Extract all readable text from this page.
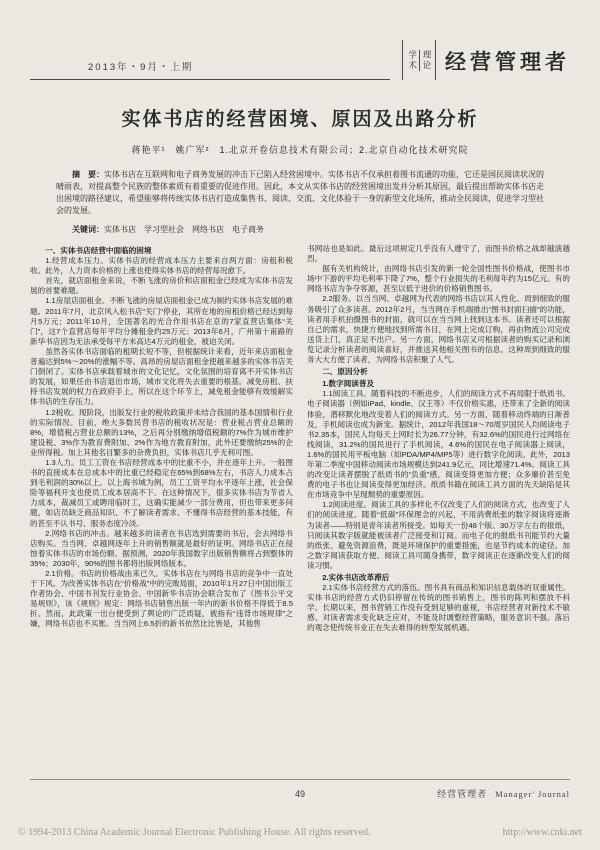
2013年・9月・上期	学术 理论 经营管理者
实体书店的经营困境、原因及出路分析
蒋艳平¹　姚广军²　1.北京开卷信息技术有限公司；2.北京自动化技术研究院
摘　要：实体书店在互联网和电子商务发展的冲击下已陷入经营困境中。实体书店不仅承担着图书流通的功能，它还是国民阅读状况的晴雨表，对提高整个民族的整体素质有着重要的促进作用。因此，本文从实体书店的经营困境出发并分析其原因，最后提出帮助实体书店走出困境的路径建议，希望能够将传统实体书店打造成集售书、阅读、交流、文化体验于一身的新型文化场所，推动全民阅读，促进学习型社会的发展。
关键词：实体书店　学习型社会　网络书店　电子商务

一、实体书店经营中面临的困境

1.经营成本压力。实体书店的经营成本压力主要来自两方面：房租和税收。此外，人力资本价格的上涨也使得实体书店的经营每况愈下。

首先，就店面租金来说，不断飞涨的房价和店面租金已经成为实体书店发展的首要难题。

1.1房屋店面租金。不断飞涨的房屋店面租金已成为制约实体书店发展的难题。2011年7月，北京风入松书店“关门”停业，其所在地的房租价格已经达到每月5万元；2011年10月，全国著名的光合作用书店在京的7家直营店集体“关门”，这7个直营店每年平均分摊租金约25万元；2013年6月，广州第十甫路的新华书店因为无法承受每平方米高达4万元的租金，被迫关闭。

虽然各实体书店面临的租期长短不等，但根据统计来看，近年来店面租金普遍达到5%～20%的涨幅不等。高昂的房屋店面租金使越来越多的实体书店关门倒闭了。实体书店承载着城市的文化记忆，文化氛围的培育离不开实体书店的发展，如果任由书店退出市场，城市文化将失去重要的根基。减免房租、扶持书店发展的权力在政府手上，所以在这个环节上，减免租金能够有效缓解实体书店的生存压力。

1.2税收。现阶段，出版发行业的税收政策并未结合我国的基本国情和行业的实际情况。目前，绝大多数民营书店的税收状况是：营业税占营业总额的8%，增值税占营业总额的13%，之后再分别缴纳增值税额的7%作为城市维护建设税、3%作为教育费附加、2%作为地方教育附加，此外还要缴纳25%的企业所得税。加上其他名目繁多的杂费负担，实体书店几乎无利可图。

1.3人力。员工工资在书店经营成本中的比重不小，并在逐年上升。一般图书的直接成本在总成本中的比重已经稳定在65%到68%左右，书店人力成本占到毛利润的30%以上。以上海书城为例，员工工资平均水平逐年上涨，社会保险等福利开支也使员工成本居高不下。在这种情况下，很多实体书店为节省人力成本，裁减员工或聘用临时工，这确实能减少一部分费用，但也带来更多问题，如店员缺乏商品知识、不了解读者需求、不懂得书店经营的基本技能，有的甚至不认书号、服务态度冷淡。

2.网络书店的冲击。越来越多的读者在书店选到需要的书后，会去网络书店购买。当当网、卓越网逐年上升的销售额就是最好的证明。网络书店正在侵蚀着实体书店的市场份额。据预测，2020年我国数字出版销售额将占到整体的35%；2030年，90%的图书都将出版网络版本。

2.1价格。书店的价格战由来已久。实体书店在与网络书店的竞争中一直处于下风。为改善实体书店在“价格战”中的完败局面，2010年1月27日中国出版工作者协会、中国书刊发行业协会、中国新华书店协会联合发布了《图书公平交易规则》，该《规则》规定：网络书店销售出版一年内的新书价格不得低于8.5折。然而，此政策一出台便受到了舆论的广泛质疑，被指有“违背市场规律”之嫌，网络书店也不买账。当当网上6.5折的新书依然比比皆是，其他售

书网站也是如此。最后这项规定几乎没有人遵守了，而图书价格之战却越演越烈。

据有关机构统计，由网络书店引发的新一轮全国性图书价格战，使图书市场中下游的平均毛利率下降了7%，整个行业损失的毛利每年约为15亿元。有的网络书店为争夺客源，甚至以低于进价的价格销售图书。

2.2服务。以当当网、卓越网为代表的网络书店以其人性化、周到细致的服务吸引了众多读者。2012年2月，当当网在手机端推出“图书封面扫描”的功能，读者用手机拍摄图书的封面，就可以在当当网上找到这本书。读者还可以根据自己的需求，快捷方便地找到所需书目，在网上完成订购，再由物流公司完成送货上门，真正足不出户。另一方面，网络书店又可根据读者的购买记录和浏览记录分析读者的阅读喜好，并推送其他相关图书的信息。这种周到细致的服务大大方便了读者，为网络书店积聚了人气。

二、原因分析

1.数字阅读普及

1.1阅读工具。随着科技的不断进步，人们的阅读方式不再局限于纸质书。电子阅读器（例如iPad、kindle、汉王等）不仅价格实惠，还带来了全新的阅读体验，潜移默化地改变着人们的阅读方式。另一方面，随着移动终端的日渐普及，手机阅读也成为新宠。据统计，2012年我国18～70周岁国民人均阅读电子书2.35本，国民人均每天上网时长为26.77分钟，有32.6%的国民进行过网络在线阅读，31.2%的国民进行了手机阅读，4.6%的国民在电子阅读器上阅读，1.6%的国民用平板电脑（如PDA/MP4/MP5等）进行数字化阅读。此外，2013年第二季度中国移动阅读市场规模达到241.9亿元，同比增速71.4%。阅读工具的改变让读者摆脱了纸质书的“负重”感，阅读变得更加方便；众多廉价甚至免费的电子书也让阅读变得更加经济。纸质书籍在阅读工具方面的先天缺陷是其在市场竞争中呈现颓势的重要原因。

1.2阅读进度。阅读工具的多样化不仅改变了人们的阅读方式，也改变了人们的阅读进度。随着“低碳”环保理念的兴起，不用消费纸张的数字阅读将逐渐为读者——特别是青年读者所接受。如每天一份48个版、30万字左右的报纸，只阅读其数字版就能被读者广泛接受和订阅。而电子化的报纸书刊能节约大量的纸张、避免资源浪费，既是环境保护的重要措施，也是节约成本的途径。加之数字阅读获取方便、阅读工具可随身携带，数字阅读正在逐渐改变人们的阅读习惯。

2.实体书店改革滞后

2.1实体书店经营方式的落伍。图书具有商品和知识信息载体的双重属性。实体书店的经营方式仍旧停留在传统的图书销售上，图书的陈列和摆放不科学。长期以来，图书营销工作没有受到足够的重视，书店经营者对新技术不敏感、对读者需求变化缺乏应对，不能及时调整经营策略，服务意识不强。落后的观念使传统书业正在失去难得的转型发展机遇。

49	经营管理者 Manager' Journal
© 1994-2013 China Academic Journal Electronic Publishing House. All rights reserved.	http://www.cnki.net
